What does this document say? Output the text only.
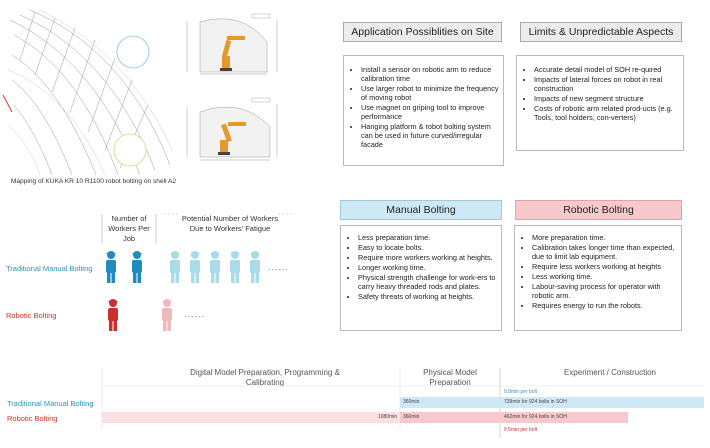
Mapping of KUKA KR 10 R1100 robot bolting on shell A2
Application Possiblities on Site
• Install a sensor on robotic arm to reduce calibration time
• Use larger robot to minimize the frequency of moving robot
• Use magnet on griping tool to improve performance
• Hanging platform & robot bolting system can be used in future curved/irregular facade
Limits & Unpredictable Aspects
• Accurate detail model of SOH re-quired
• Impacts of lateral forces on robot in real construction
• Impacts of new segment structure
• Costs of robotic arm related prod-ucts (e.g. Tools, tool holders, con-verters)
Number of Workers Per Job
Potential Number of Workers Due to Workers' Fatigue
Traditional Manual Bolting
Robotic Bolting
......
......
Manual Bolting
• Less preparation time.
• Easy to locate bolts.
• Require more workers working at heights.
• Longer working time.
• Physical strength challenge for work-ers to carry heavy threaded rods and plates.
• Safety threats of working at heights.
Robotic Bolting
• More preparation time.
• Calibration takes longer time than expected, due to limit lab equipment.
• Require less workers working at heights
• Less working time.
• Labour-saving process for operator with robotic arm.
• Requires energy to run the robots.
Digital Model Preparation, Programming & Calibrating
Physical Model Preparation
Experiment / Construction
Traditional Manual Bolting
Robotic Bolting
360min	739min for 924 bolts in SOH
0.8min per bolt
1080min 360min	462min for 924 bolts in SOH
0.5min per bolt
